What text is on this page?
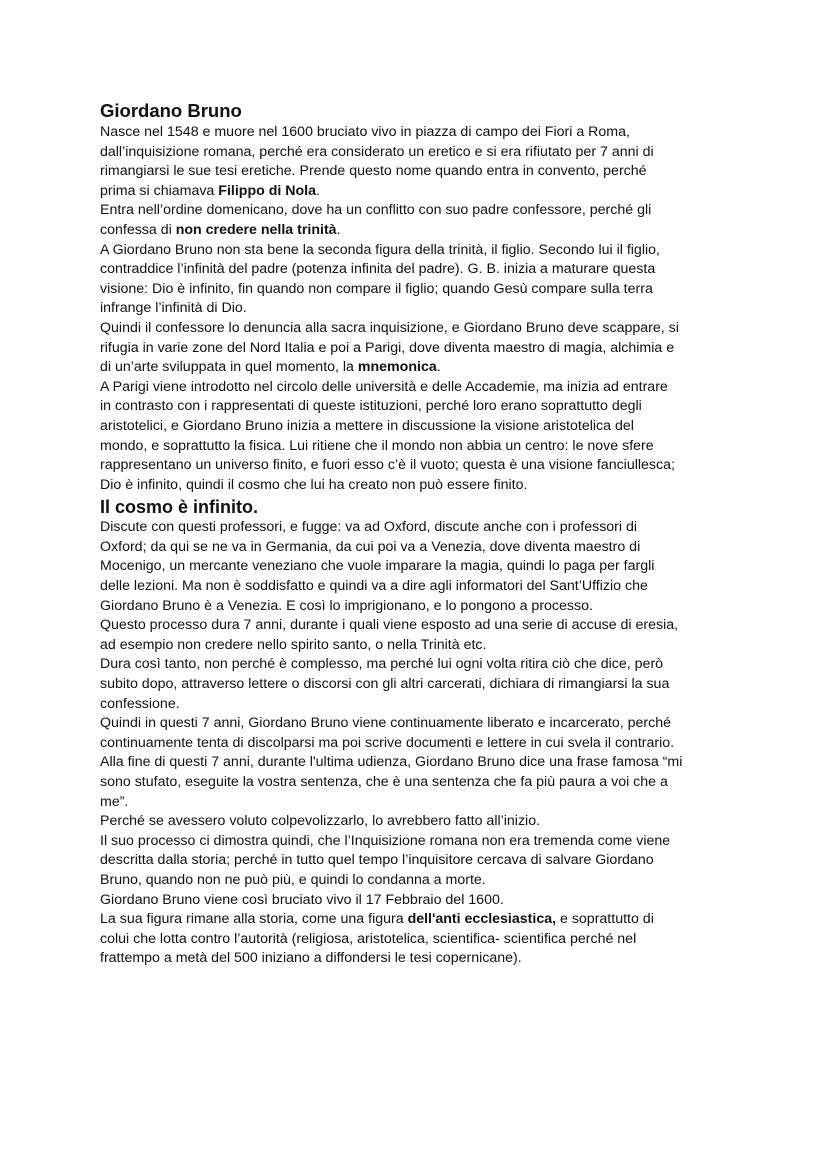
Giordano Bruno
Nasce nel 1548 e muore nel 1600 bruciato vivo in piazza di campo dei Fiori a Roma,
dall’inquisizione romana, perché era considerato un eretico e si era rifiutato per 7 anni di
rimangiarsi le sue tesi eretiche. Prende questo nome quando entra in convento, perché
prima si chiamava Filippo di Nola.
Entra nell’ordine domenicano, dove ha un conflitto con suo padre confessore, perché gli
confessa di non credere nella trinità.
A Giordano Bruno non sta bene la seconda figura della trinità, il figlio. Secondo lui il figlio,
contraddice l’infinità del padre (potenza infinita del padre). G. B. inizia a maturare questa
visione: Dio è infinito, fin quando non compare il figlio; quando Gesù compare sulla terra
infrange l’infinità di Dio.
Quindi il confessore lo denuncia alla sacra inquisizione, e Giordano Bruno deve scappare, si
rifugia in varie zone del Nord Italia e poi a Parigi, dove diventa maestro di magia, alchimia e
di un’arte sviluppata in quel momento, la mnemonica.
A Parigi viene introdotto nel circolo delle università e delle Accademie, ma inizia ad entrare
in contrasto con i rappresentati di queste istituzioni, perché loro erano soprattutto degli
aristotelici, e Giordano Bruno inizia a mettere in discussione la visione aristotelica del
mondo, e soprattutto la fisica. Lui ritiene che il mondo non abbia un centro: le nove sfere
rappresentano un universo finito, e fuori esso c’è il vuoto; questa è una visione fanciullesca;
Dio è infinito, quindi il cosmo che lui ha creato non può essere finito.
Il cosmo è infinito.
Discute con questi professori, e fugge: va ad Oxford, discute anche con i professori di
Oxford; da qui se ne va in Germania, da cui poi va a Venezia, dove diventa maestro di
Mocenigo, un mercante veneziano che vuole imparare la magia, quindi lo paga per fargli
delle lezioni. Ma non è soddisfatto e quindi va a dire agli informatori del Sant’Uffizio che
Giordano Bruno è a Venezia. E così lo imprigionano, e lo pongono a processo.
Questo processo dura 7 anni, durante i quali viene esposto ad una serie di accuse di eresia,
ad esempio non credere nello spirito santo, o nella Trinità etc.
Dura così tanto, non perché è complesso, ma perché lui ogni volta ritira ciò che dice, però
subito dopo, attraverso lettere o discorsi con gli altri carcerati, dichiara di rimangiarsi la sua
confessione.
Quindi in questi 7 anni, Giordano Bruno viene continuamente liberato e incarcerato, perché
continuamente tenta di discolparsi ma poi scrive documenti e lettere in cui svela il contrario.
Alla fine di questi 7 anni, durante l'ultima udienza, Giordano Bruno dice una frase famosa “mi
sono stufato, eseguite la vostra sentenza, che è una sentenza che fa più paura a voi che a
me”.
Perché se avessero voluto colpevolizzarlo, lo avrebbero fatto all’inizio.
Il suo processo ci dimostra quindi, che l’Inquisizione romana non era tremenda come viene
descritta dalla storia; perché in tutto quel tempo l’inquisitore cercava di salvare Giordano
Bruno, quando non ne può più, e quindi lo condanna a morte.
Giordano Bruno viene così bruciato vivo il 17 Febbraio del 1600.
La sua figura rimane alla storia, come una figura dell'anti ecclesiastica, e soprattutto di
colui che lotta contro l’autorità (religiosa, aristotelica, scientifica- scientifica perché nel
frattempo a metà del 500 iniziano a diffondersi le tesi copernicane).
